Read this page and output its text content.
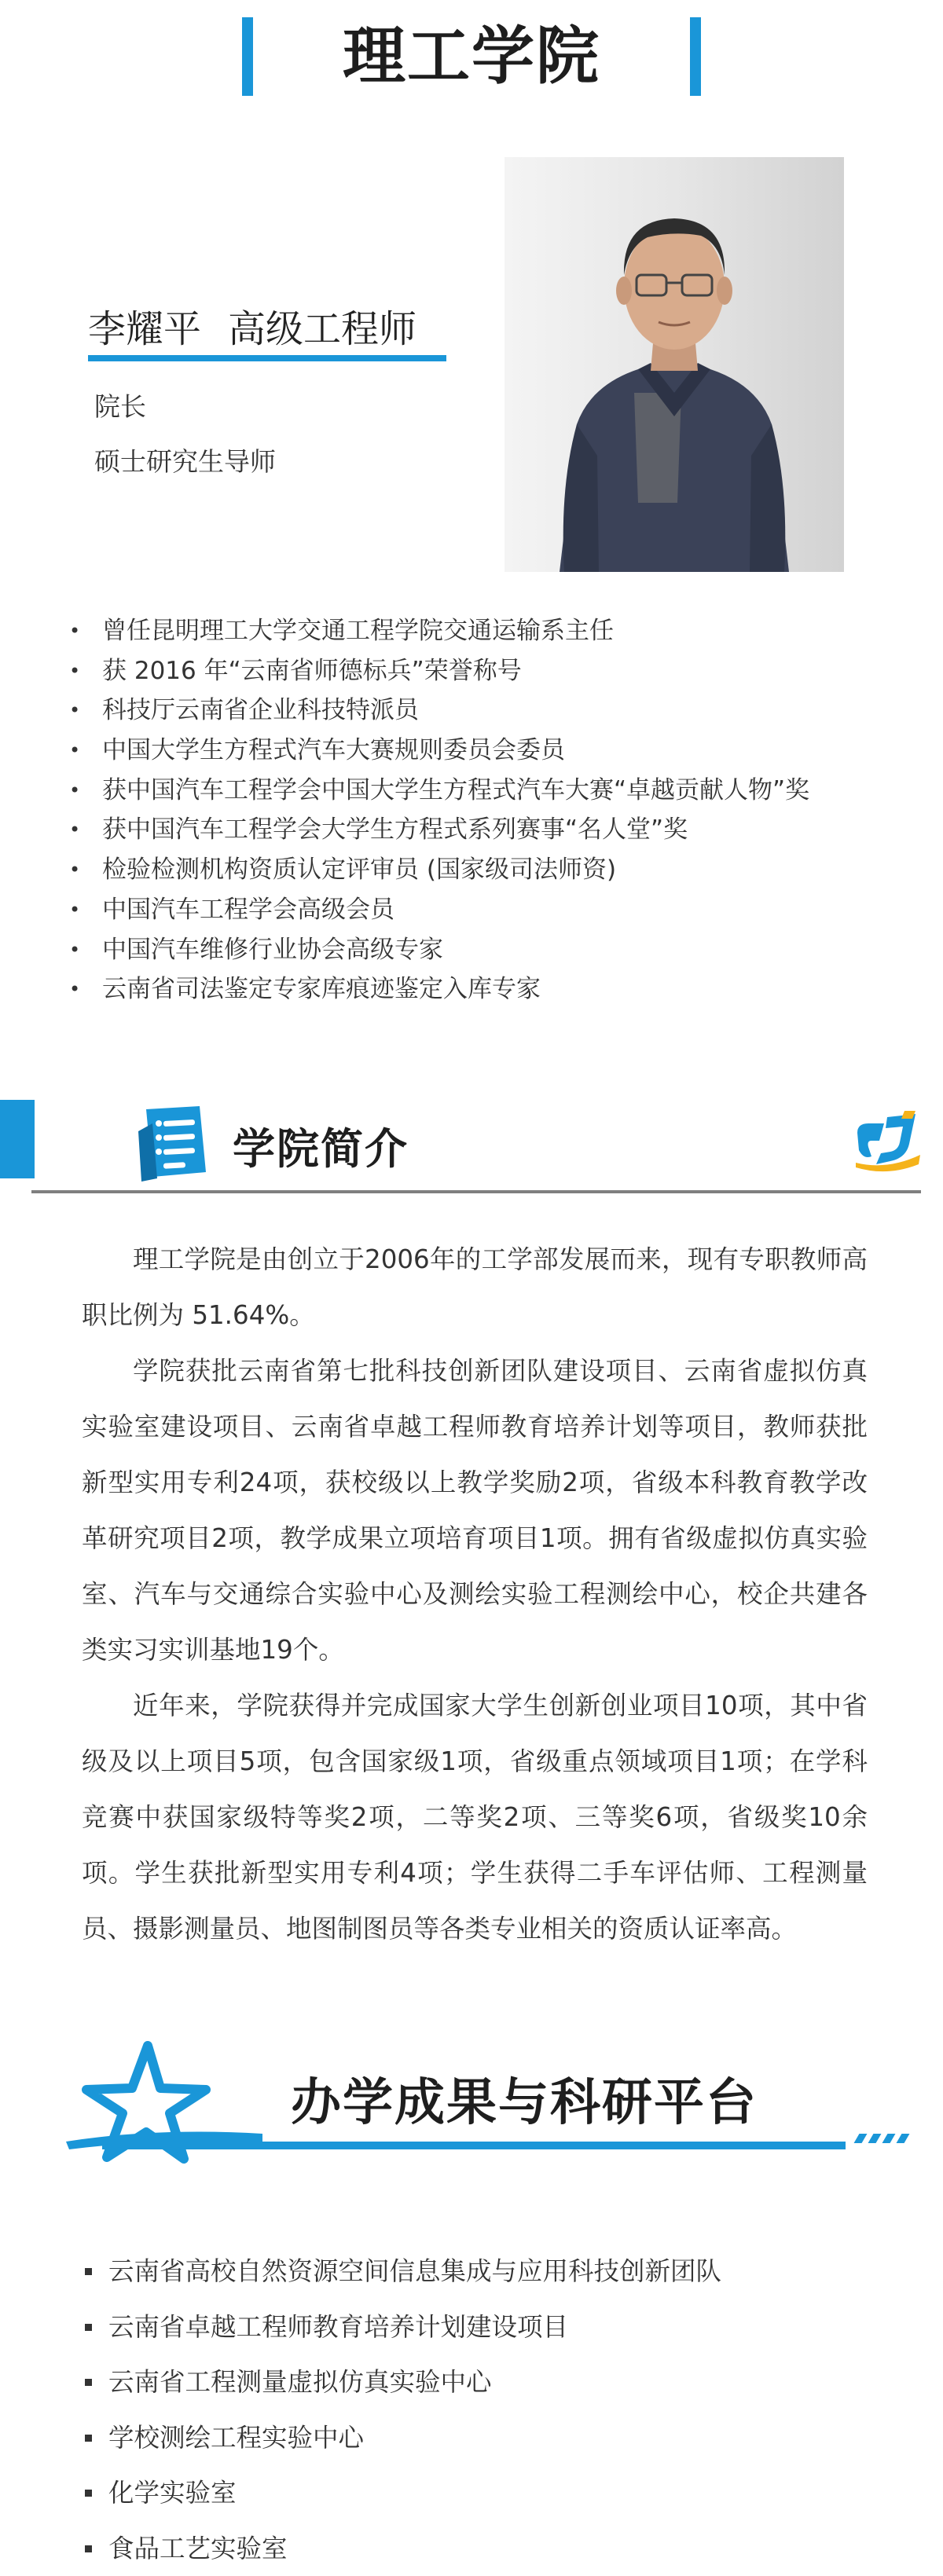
理工学院
李耀平 高级工程师
院长
硕士研究生导师
• 曾任昆明理工大学交通工程学院交通运输系主任
• 获 2016 年“云南省师德标兵”荣誉称号
• 科技厅云南省企业科技特派员
• 中国大学生方程式汽车大赛规则委员会委员
• 获中国汽车工程学会中国大学生方程式汽车大赛“卓越贡献人物”奖
• 获中国汽车工程学会大学生方程式系列赛事“名人堂”奖
• 检验检测机构资质认定评审员 (国家级司法师资)
• 中国汽车工程学会高级会员
• 中国汽车维修行业协会高级专家
• 云南省司法鉴定专家库痕迹鉴定入库专家
学院简介
理工学院是由创立于2006年的工学部发展而来，现有专职教师高职比例为 51.64%。
学院获批云南省第七批科技创新团队建设项目、云南省虚拟仿真实验室建设项目、云南省卓越工程师教育培养计划等项目，教师获批新型实用专利24项，获校级以上教学奖励2项，省级本科教育教学改革研究项目2项，教学成果立项培育项目1项。拥有省级虚拟仿真实验室、汽车与交通综合实验中心及测绘实验工程测绘中心，校企共建各类实习实训基地19个。
近年来，学院获得并完成国家大学生创新创业项目10项，其中省级及以上项目5项，包含国家级1项，省级重点领域项目1项；在学科竞赛中获国家级特等奖2项，二等奖2项、三等奖6项，省级奖10余项。学生获批新型实用专利4项；学生获得二手车评估师、工程测量员、摄影测量员、地图制图员等各类专业相关的资质认证率高。
办学成果与科研平台
云南省高校自然资源空间信息集成与应用科技创新团队
云南省卓越工程师教育培养计划建设项目
云南省工程测量虚拟仿真实验中心
学校测绘工程实验中心
化学实验室
食品工艺实验室
